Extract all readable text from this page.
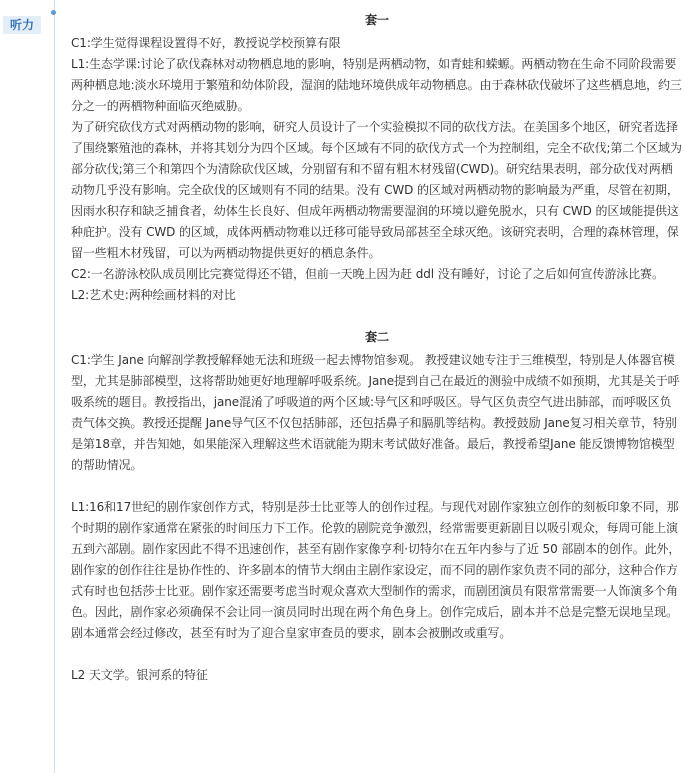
听力	套一

C1:学生觉得课程设置得不好，教授说学校预算有限

L1:生态学课:讨论了砍伐森林对动物栖息地的影响，特别是两栖动物，如青蛙和蝾螈。两栖动物在生命不同阶段需要两种栖息地:淡水环境用于繁殖和幼体阶段，湿润的陆地环境供成年动物栖息。由于森林砍伐破坏了这些栖息地，约三分之一的两栖物种面临灭绝威胁。

为了研究砍伐方式对两栖动物的影响，研究人员设计了一个实验模拟不同的砍伐方法。在美国多个地区，研究者选择了围绕繁殖池的森林，并将其划分为四个区域。每个区域有不同的砍伐方式一个为控制组，完全不砍伐;第二个区域为部分砍伐;第三个和第四个为清除砍伐区域，分别留有和不留有粗木材残留(CWD)。研究结果表明，部分砍伐对两栖动物几乎没有影响。完全砍伐的区域则有不同的结果。没有 CWD 的区域对两栖动物的影响最为严重，尽管在初期，因雨水积存和缺乏捕食者，幼体生长良好、但成年两栖动物需要湿润的环境以避免脱水，只有 CWD 的区域能提供这种庇护。没有 CWD 的区域，成体两栖动物难以迁移可能导致局部甚至全球灭绝。该研究表明，合理的森林管理，保留一些粗木材残留，可以为两栖动物提供更好的栖息条件。

C2:一名游泳校队成员刚比完赛觉得还不错，但前一天晚上因为赶 ddl 没有睡好，讨论了之后如何宣传游泳比赛。

L2:艺术史:两种绘画材料的对比

套二

C1:学生 Jane 向解剖学教授解释她无法和班级一起去博物馆参观。 教授建议她专注于三维模型，特别是人体器官模型，尤其是肺部模型，这将帮助她更好地理解呼吸系统。Jane提到自己在最近的测验中成绩不如预期，尤其是关于呼吸系统的题目。教授指出，jane混淆了呼吸道的两个区域:导气区和呼吸区。导气区负责空气进出肺部，而呼吸区负责气体交换。教授还提醒 Jane导气区不仅包括肺部，还包括鼻子和膈肌等结构。教授鼓励 Jane复习相关章节，特别是第18章，并告知她，如果能深入理解这些术语就能为期末考试做好准备。最后，教授希望Jane 能反馈博物馆模型的帮助情况。

L1:16和17世纪的剧作家创作方式，特别是莎士比亚等人的创作过程。与现代对剧作家独立创作的刻板印象不同，那个时期的剧作家通常在紧张的时间压力下工作。伦敦的剧院竞争激烈，经常需要更新剧目以吸引观众，每周可能上演五到六部剧。剧作家因此不得不迅速创作，甚至有剧作家像亨利·切特尔在五年内参与了近 50 部剧本的创作。此外，剧作家的创作往往是协作性的、许多剧本的情节大纲由主剧作家设定，而不同的剧作家负责不同的部分，这种合作方式有时也包括莎士比亚。剧作家还需要考虑当时观众喜欢大型制作的需求，而剧团演员有限常常需要一人饰演多个角色。因此，剧作家必须确保不会让同一演员同时出现在两个角色身上。创作完成后，剧本并不总是完整无误地呈现。剧本通常会经过修改，甚至有时为了迎合皇家审查员的要求，剧本会被删改或重写。

L2 天文学。银河系的特征
